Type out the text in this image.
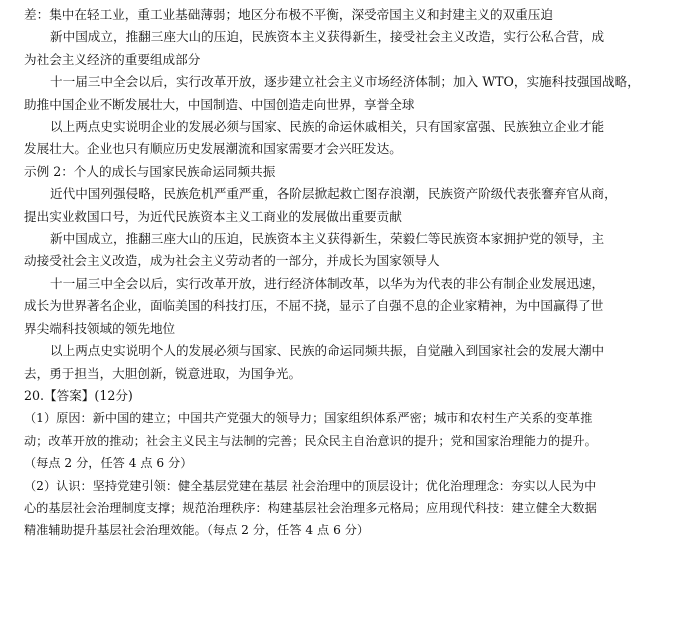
差：集中在轻工业，重工业基础薄弱；地区分布极不平衡，深受帝国主义和封建主义的双重压迫
新中国成立，推翻三座大山的压迫，民族资本主义获得新生，接受社会主义改造，实行公私合营，成
为社会主义经济的重要组成部分
十一届三中全会以后，实行改革开放，逐步建立社会主义市场经济体制；加入 WTO，实施科技强国战略，
助推中国企业不断发展壮大，中国制造、中国创造走向世界，享誉全球
以上两点史实说明企业的发展必须与国家、民族的命运休戚相关，只有国家富强、民族独立企业才能
发展壮大。企业也只有顺应历史发展潮流和国家需要才会兴旺发达。
示例 2：个人的成长与国家民族命运同频共振
近代中国列强侵略，民族危机严重严重，各阶层掀起救亡图存浪潮，民族资产阶级代表张謇弃官从商，
提出实业救国口号，为近代民族资本主义工商业的发展做出重要贡献
新中国成立，推翻三座大山的压迫，民族资本主义获得新生，荣毅仁等民族资本家拥护党的领导，主
动接受社会主义改造，成为社会主义劳动者的一部分，并成长为国家领导人
十一届三中全会以后，实行改革开放，进行经济体制改革，以华为为代表的非公有制企业发展迅速，
成长为世界著名企业，面临美国的科技打压，不屈不挠，显示了自强不息的企业家精神，为中国赢得了世
界尖端科技领域的领先地位
以上两点史实说明个人的发展必须与国家、民族的命运同频共振，自觉融入到国家社会的发展大潮中
去，勇于担当，大胆创新，锐意进取，为国争光。
20.【答案】(12分)
（1）原因：新中国的建立；中国共产党强大的领导力；国家组织体系严密；城市和农村生产关系的变革推
动；改革开放的推动；社会主义民主与法制的完善；民众民主自治意识的提升；党和国家治理能力的提升。
（每点 2 分，任答 4 点 6 分）
（2）认识：坚持党建引领：健全基层党建在基层 社会治理中的顶层设计；优化治理理念：夯实以人民为中
心的基层社会治理制度支撑；规范治理秩序：构建基层社会治理多元格局；应用现代科技：建立健全大数据
精准辅助提升基层社会治理效能。（每点 2 分，任答 4 点 6 分）
